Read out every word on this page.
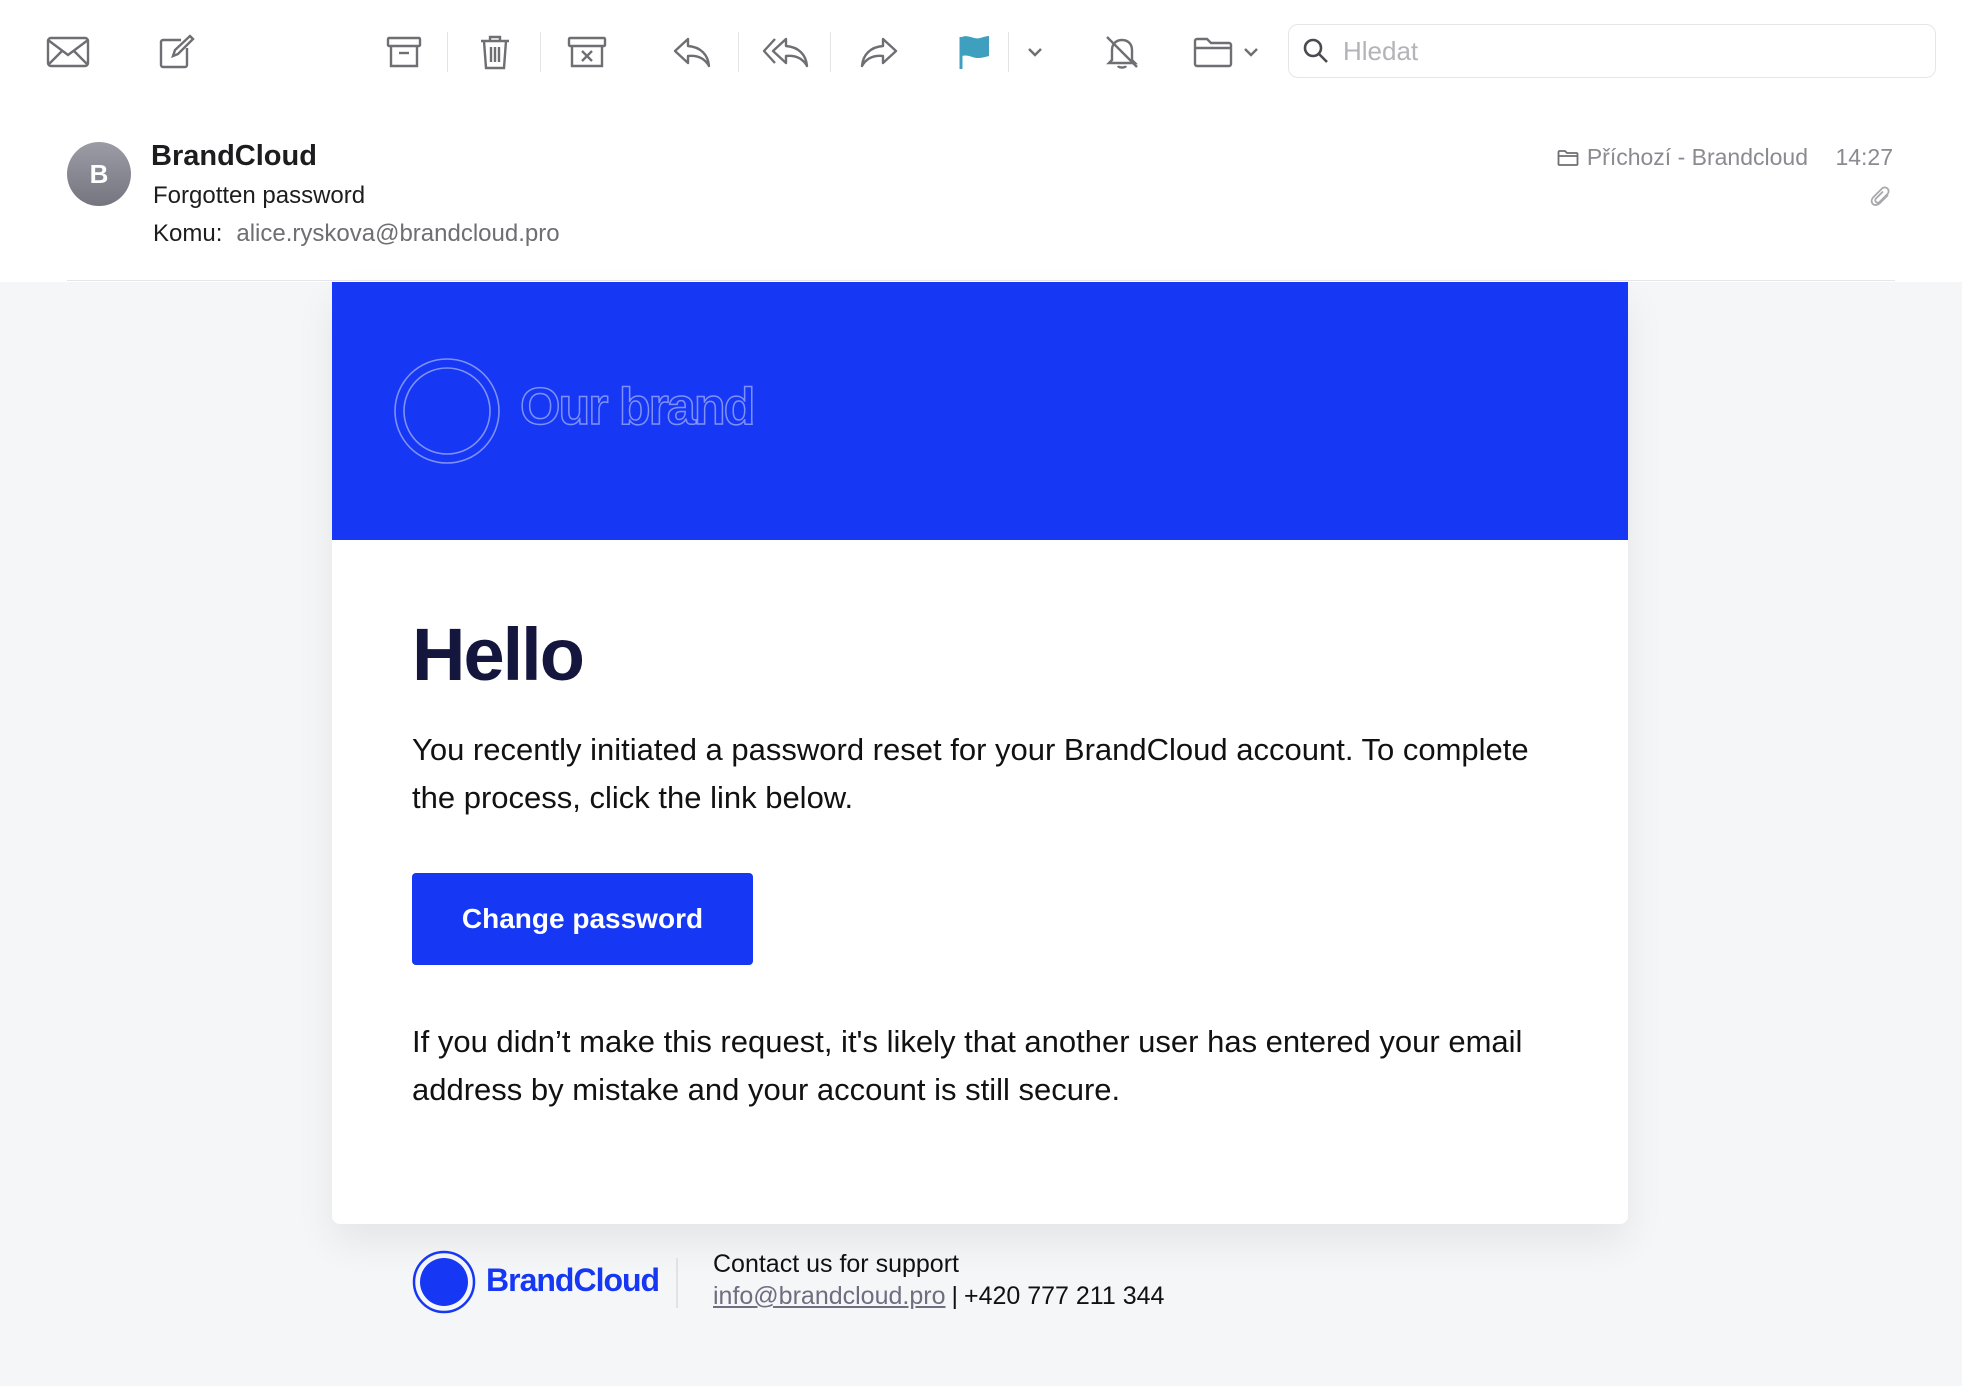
Hledat
B
BrandCloud
Forgotten password
Komu: alice.ryskova@brandcloud.pro
Příchozí - Brandcloud 14:27
Our brand
Hello
You recently initiated a password reset for your BrandCloud account. To complete the process, click the link below.
Change password
If you didn’t make this request, it's likely that another user has entered your email address by mistake and your account is still secure.
BrandCloud Contact us for support
info@brandcloud.pro | +420 777 211 344
